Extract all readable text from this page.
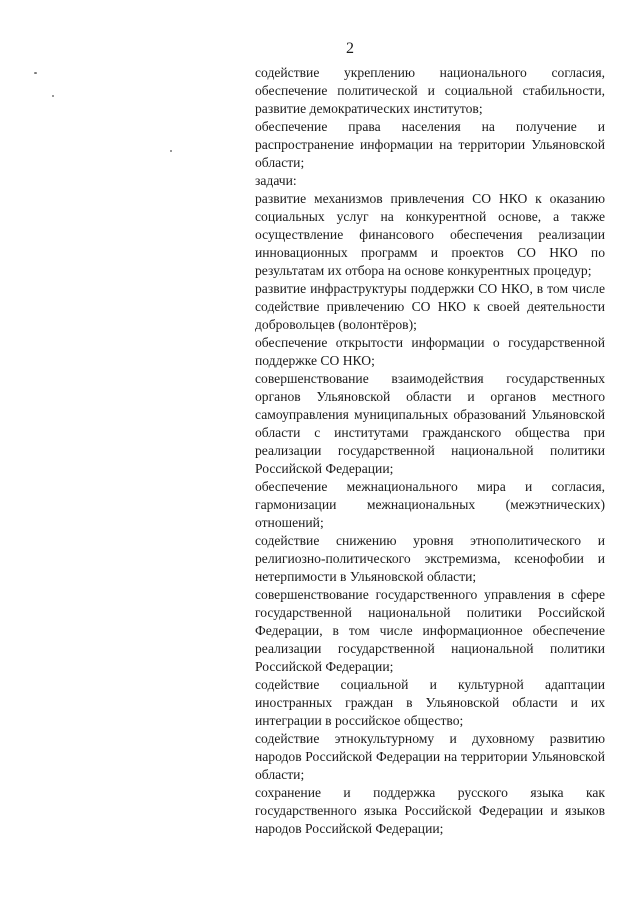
2

содействие укреплению национального согласия, обеспечение политической и социальной стабильности, развитие демократических институтов;

обеспечение права населения на получение и распространение информации на территории Ульяновской области;

задачи:

развитие механизмов привлечения СО НКО к оказанию социальных услуг на конкурентной основе, а также осуществление финансового обеспечения реализации инновационных программ и проектов СО НКО по результатам их отбора на основе конкурентных процедур;

развитие инфраструктуры поддержки СО НКО, в том числе содействие привлечению СО НКО к своей деятельности добровольцев (волонтёров);

обеспечение открытости информации о государственной поддержке СО НКО;

совершенствование взаимодействия государственных органов Ульяновской области и органов местного самоуправления муниципальных образований Ульяновской области с институтами гражданского общества при реализации государственной национальной политики Российской Федерации;

обеспечение межнационального мира и согласия, гармонизации межнациональных (межэтнических) отношений;

содействие снижению уровня этнополитического и религиозно-политического экстремизма, ксенофобии и нетерпимости в Ульяновской области;

совершенствование государственного управления в сфере государственной национальной политики Российской Федерации, в том числе информационное обеспечение реализации государственной национальной политики Российской Федерации;

содействие социальной и культурной адаптации иностранных граждан в Ульяновской области и их интеграции в российское общество;

содействие этнокультурному и духовному развитию народов Российской Федерации на территории Ульяновской области;

сохранение и поддержка русского языка как государственного языка Российской Федерации и языков народов Российской Федерации;
